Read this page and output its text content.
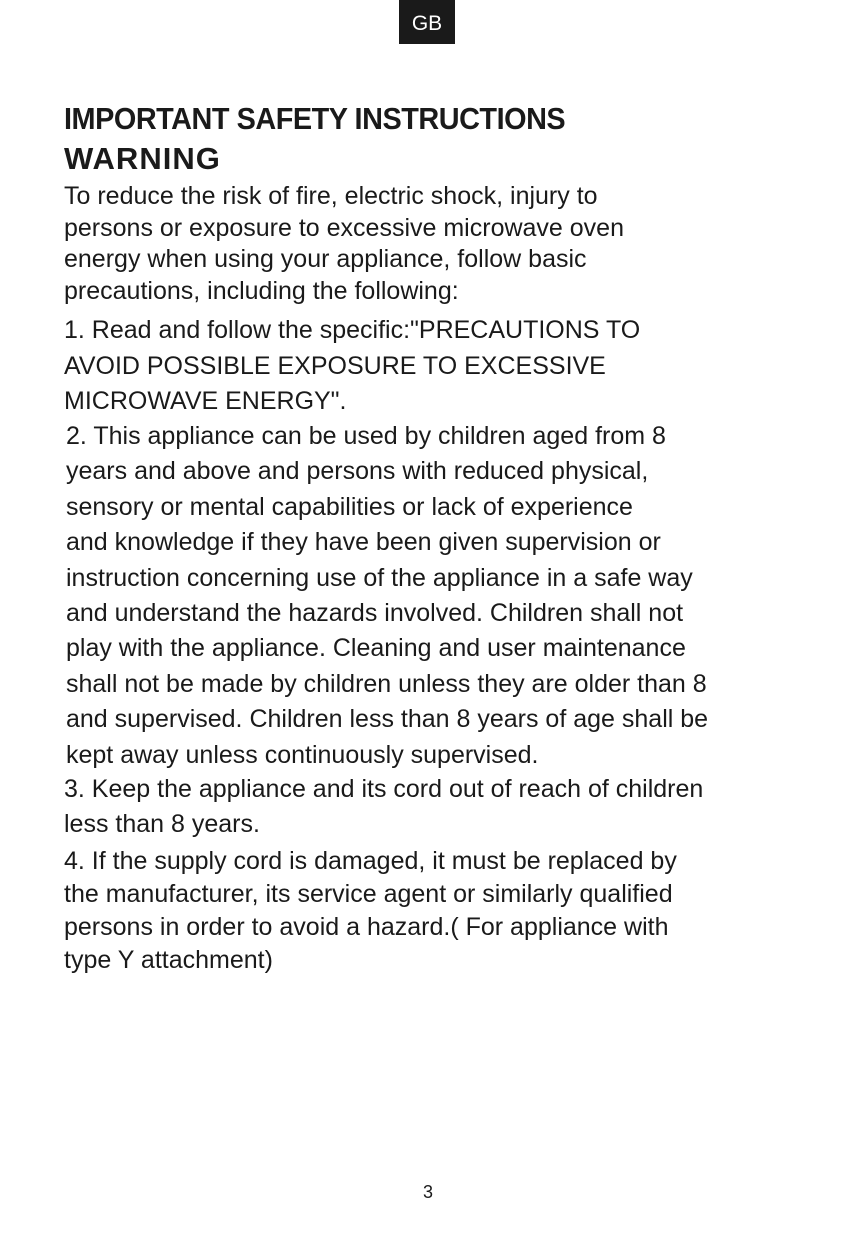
GB
IMPORTANT SAFETY INSTRUCTIONS
WARNING

To reduce the risk of fire, electric shock, injury to
persons or exposure to excessive microwave oven
energy when using your appliance, follow basic
precautions, including the following:

1. Read and follow the specific:"PRECAUTIONS TO
AVOID POSSIBLE EXPOSURE TO EXCESSIVE
MICROWAVE ENERGY".

2. This appliance can be used by children aged from 8
years and above and persons with reduced physical,
sensory or mental capabilities or lack of experience
and knowledge if they have been given supervision or
instruction concerning use of the appliance in a safe way
and understand the hazards involved. Children shall not
play with the appliance. Cleaning and user maintenance
shall not be made by children unless they are older than 8
and supervised. Children less than 8 years of age shall be
kept away unless continuously supervised.

3. Keep the appliance and its cord out of reach of children
less than 8 years.

4. If the supply cord is damaged, it must be replaced by
the manufacturer, its service agent or similarly qualified
persons in order to avoid a hazard.( For appliance with
type Y attachment)

3
